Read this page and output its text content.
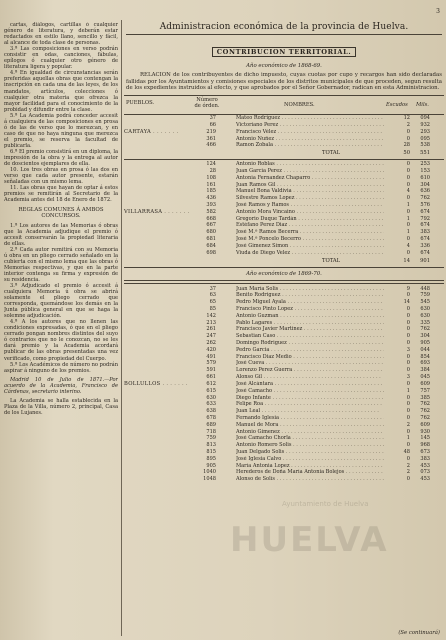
3

cartas, diálogos, cartillas ó cualquier género de literatura, y deberán estar redactados en estilo llano, sencillo y fácil, al alcance de toda clase de personas.

3.ª Las composiciones en verso podrán consistir en odas, canciones, fábulas, epílogos ó cualquier otro género de literatura ligera y popular.

4.ª En igualdad de circunstancias serán preferidas aquellas obras que contengan la inscripción en cada una de las leyes, de los mandatos, artículos, colecciones ó cualquier otra materia que ofrezca la mayor facilidad para el conocimiento de la probidad y difundir entre la clase.

5.ª La Academia podrá conceder accesit á cualquiera de las composiciones en prosa ó de las de verso que lo merezcan, y en caso de que no haya ninguna que merezca el premio, se reserva la facultad de publicarla.

6.ª El premio consistirá en un diploma, la impresión de la obra y la entrega al autor de doscientos ejemplares de ella.

10. Los tres obras en prosa ó las dos en verso que cada autor presente, estarán señaladas con un mismo lema.

11. Las obras que hayan de optar á estos premios se remitirán al Secretario de la Academia antes del 18 de Enero de 1872.

REGLAS COMUNES Á AMBOS CONCURSOS.

1.ª Los autores de las Memorias ó obras que la Academia adjudique el premio ó accesit conservarán la propiedad literaria de ellas.

2.ª Cada autor remitirá con su Memoria ú obra en un pliego cerrado señalado en la cubierta con el mismo lema que las obras ó Memorias respectivas, y que en la parte interior contenga su firma y expresión de su residencia.

3.ª Adjudicado el premio ó accesit á cualquiera Memoria ú obra se abrirá solamente el pliego cerrado que corresponda, quemándose los demás en la Junta pública general en que se haga la solemne adjudicación.

4.ª A los autores que no llenen las condiciones expresadas, ó que en el pliego cerrado pongan nombres distintos del suyo ó contrarios que no le conozcan, no se les dará premio y la Academia acordará publicar de las obras presentadas una vez verificado, como propiedad del Cuerpo.

5.ª Los Académicos de número no podrán aspirar á ninguno de los premios.

Madrid 10 de Julio de 1871.—Por acuerdo de la Academia, Francisco de Cárdenas, secretario interino.

La Academia se halla establecida en la Plaza de la Villa, número 2, principal, Casa de los Lujanes.

Administracion económica de la provincia de Huelva.

CONTRIBUCION TERRITORIAL.

Año económico de 1868-69.

RELACION de los contribuyentes de dicho impuesto, cuyas cuotas por cupo y recargos han sido declaradas fallidas por los Ayuntamientos y comisiones especiales de los distritos municipales de que proceden, segun resulta de los expedientes instruidos al efecto, y que aprobados por el Señor Gobernador, radican en esta Administracion.

PUEBLOS.	Número de órden.	NOMBRES.	Escudos Mils.
CARTAYA . . .
37	Mateo Rodriguez . . .	12	094
66	Victoriano Perez . . .	2	932
219	Francisco Vélez . . .	0	293
361	Antonio Nuñez . . .	0	095
466	Ramon Zobala . . .	28	538
TOTAL	50	551
VILLARRASA . . .
124	Antonio Roblas . . .	0	253
28	Juan Garcia Perez . . .	0	153
108	Antonia Fernandez Chaparro . . .	0	610
161	Juan Ramos Gil . . .	0	304
185	Manuel Bona Valdivia . . .	4	636
436	Silvestre Ramos Lopez . . .	0	762
393	José Ramos y Ramos . . .	1	576
582	Antonio Mora Vincaino . . .	0	674
668	Gregorio Duque Tardán . . .	1	792
667	Estéfano Perez Diaz . . .	0	674
680	José M.ª Ramos Becerra . . .	1	383
681	José M.ª Poncelo Becerro . . .	0	674
684	José Gimenez Simon . . .	4	336
698	Viuda de Diego Velez . . .	0	674
TOTAL	14	901

Año económico de 1869-70.

BOLLULLOS . . .
37	Juan María Solis . . .	9	448
63	Benito Rodriguez . . .	0	759
65	Pedro Miguel Ayala . . .	14	545
85	Francisco Pinto Lopez . . .	0	630
142	Antonio Guzman . . .	0	630
213	Pablo Lagares . . .	0	335
261	Francisco Javier Martinez . . .	0	762
247	Sebastian Caso . . .	0	304
262	Domingo Rodriguez . . .	0	905
420	Pedro Garcia . . .	3	044
491	Francisco Diaz Medio . . .	0	854
579	José Cueva . . .	0	693
591	Lorenzo Perez Guerra . . .	0	384
661	Alonso Gil . . .	3	045
612	José Alcántara . . .	0	609
615	José Camacho . . .	1	757
630	Diego Infante . . .	0	385
633	Felipe Roa . . .	0	762
638	Juan Leal . . .	0	762
678	Fernando Iglesia . . .	0	762
689	Manuel de Mora . . .	2	609
718	Antonio Gimenez . . .	0	930
759	José Camacho Chorla . . .	1	145
813	Antonio Romero Solis . . .	0	968
815	Juan Delgado Solis . . .	48	673
895	José Iglesia Calvo . . .	0	383
905	María Antonia Lopez . . .	2	453
1040	Herederos de Doña María Antonia Bolejos . . .	2	073
1048	Alonso de Solís . . .	0	453
Ayuntamiento de Huelva
HUELVA
(Se continuará)
